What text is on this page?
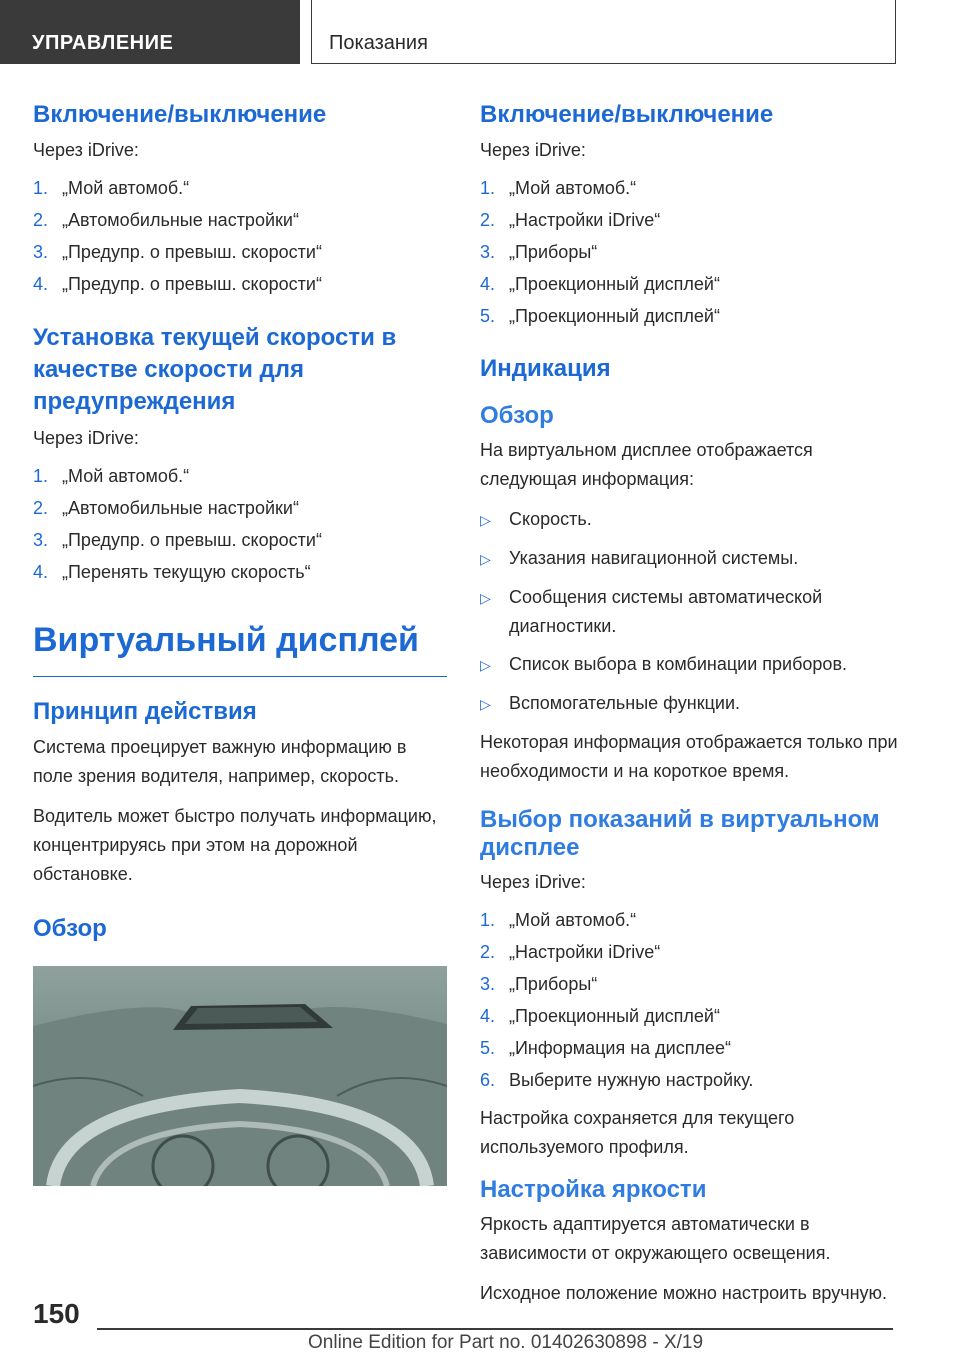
УПРАВЛЕНИЕ	Показания
Включение/выключение
Через iDrive:
1. „Мой автомоб.“
2. „Автомобильные настройки“
3. „Предупр. о превыш. скорости“
4. „Предупр. о превыш. скорости“
Установка текущей скорости в качестве скорости для предупреждения
Через iDrive:
1. „Мой автомоб.“
2. „Автомобильные настройки“
3. „Предупр. о превыш. скорости“
4. „Перенять текущую скорость“
Виртуальный дисплей
Принцип действия
Система проецирует важную информацию в поле зрения водителя, например, скорость.
Водитель может быстро получать информацию, концентрируясь при этом на дорожной обстановке.
Обзор
Включение/выключение
Через iDrive:
1. „Мой автомоб.“
2. „Настройки iDrive“
3. „Приборы“
4. „Проекционный дисплей“
5. „Проекционный дисплей“
Индикация
Обзор
На виртуальном дисплее отображается следующая информация:
▷	Скорость.
▷	Указания навигационной системы.
▷	Сообщения системы автоматической диагностики.
▷	Список выбора в комбинации приборов.
▷	Вспомогательные функции.
Некоторая информация отображается только при необходимости и на короткое время.
Выбор показаний в виртуальном дисплее
Через iDrive:
1. „Мой автомоб.“
2. „Настройки iDrive“
3. „Приборы“
4. „Проекционный дисплей“
5. „Информация на дисплее“
6. Выберите нужную настройку.
Настройка сохраняется для текущего используемого профиля.
Настройка яркости
Яркость адаптируется автоматически в зависимости от окружающего освещения.
Исходное положение можно настроить вручную.
150
Online Edition for Part no. 01402630898 - X/19
